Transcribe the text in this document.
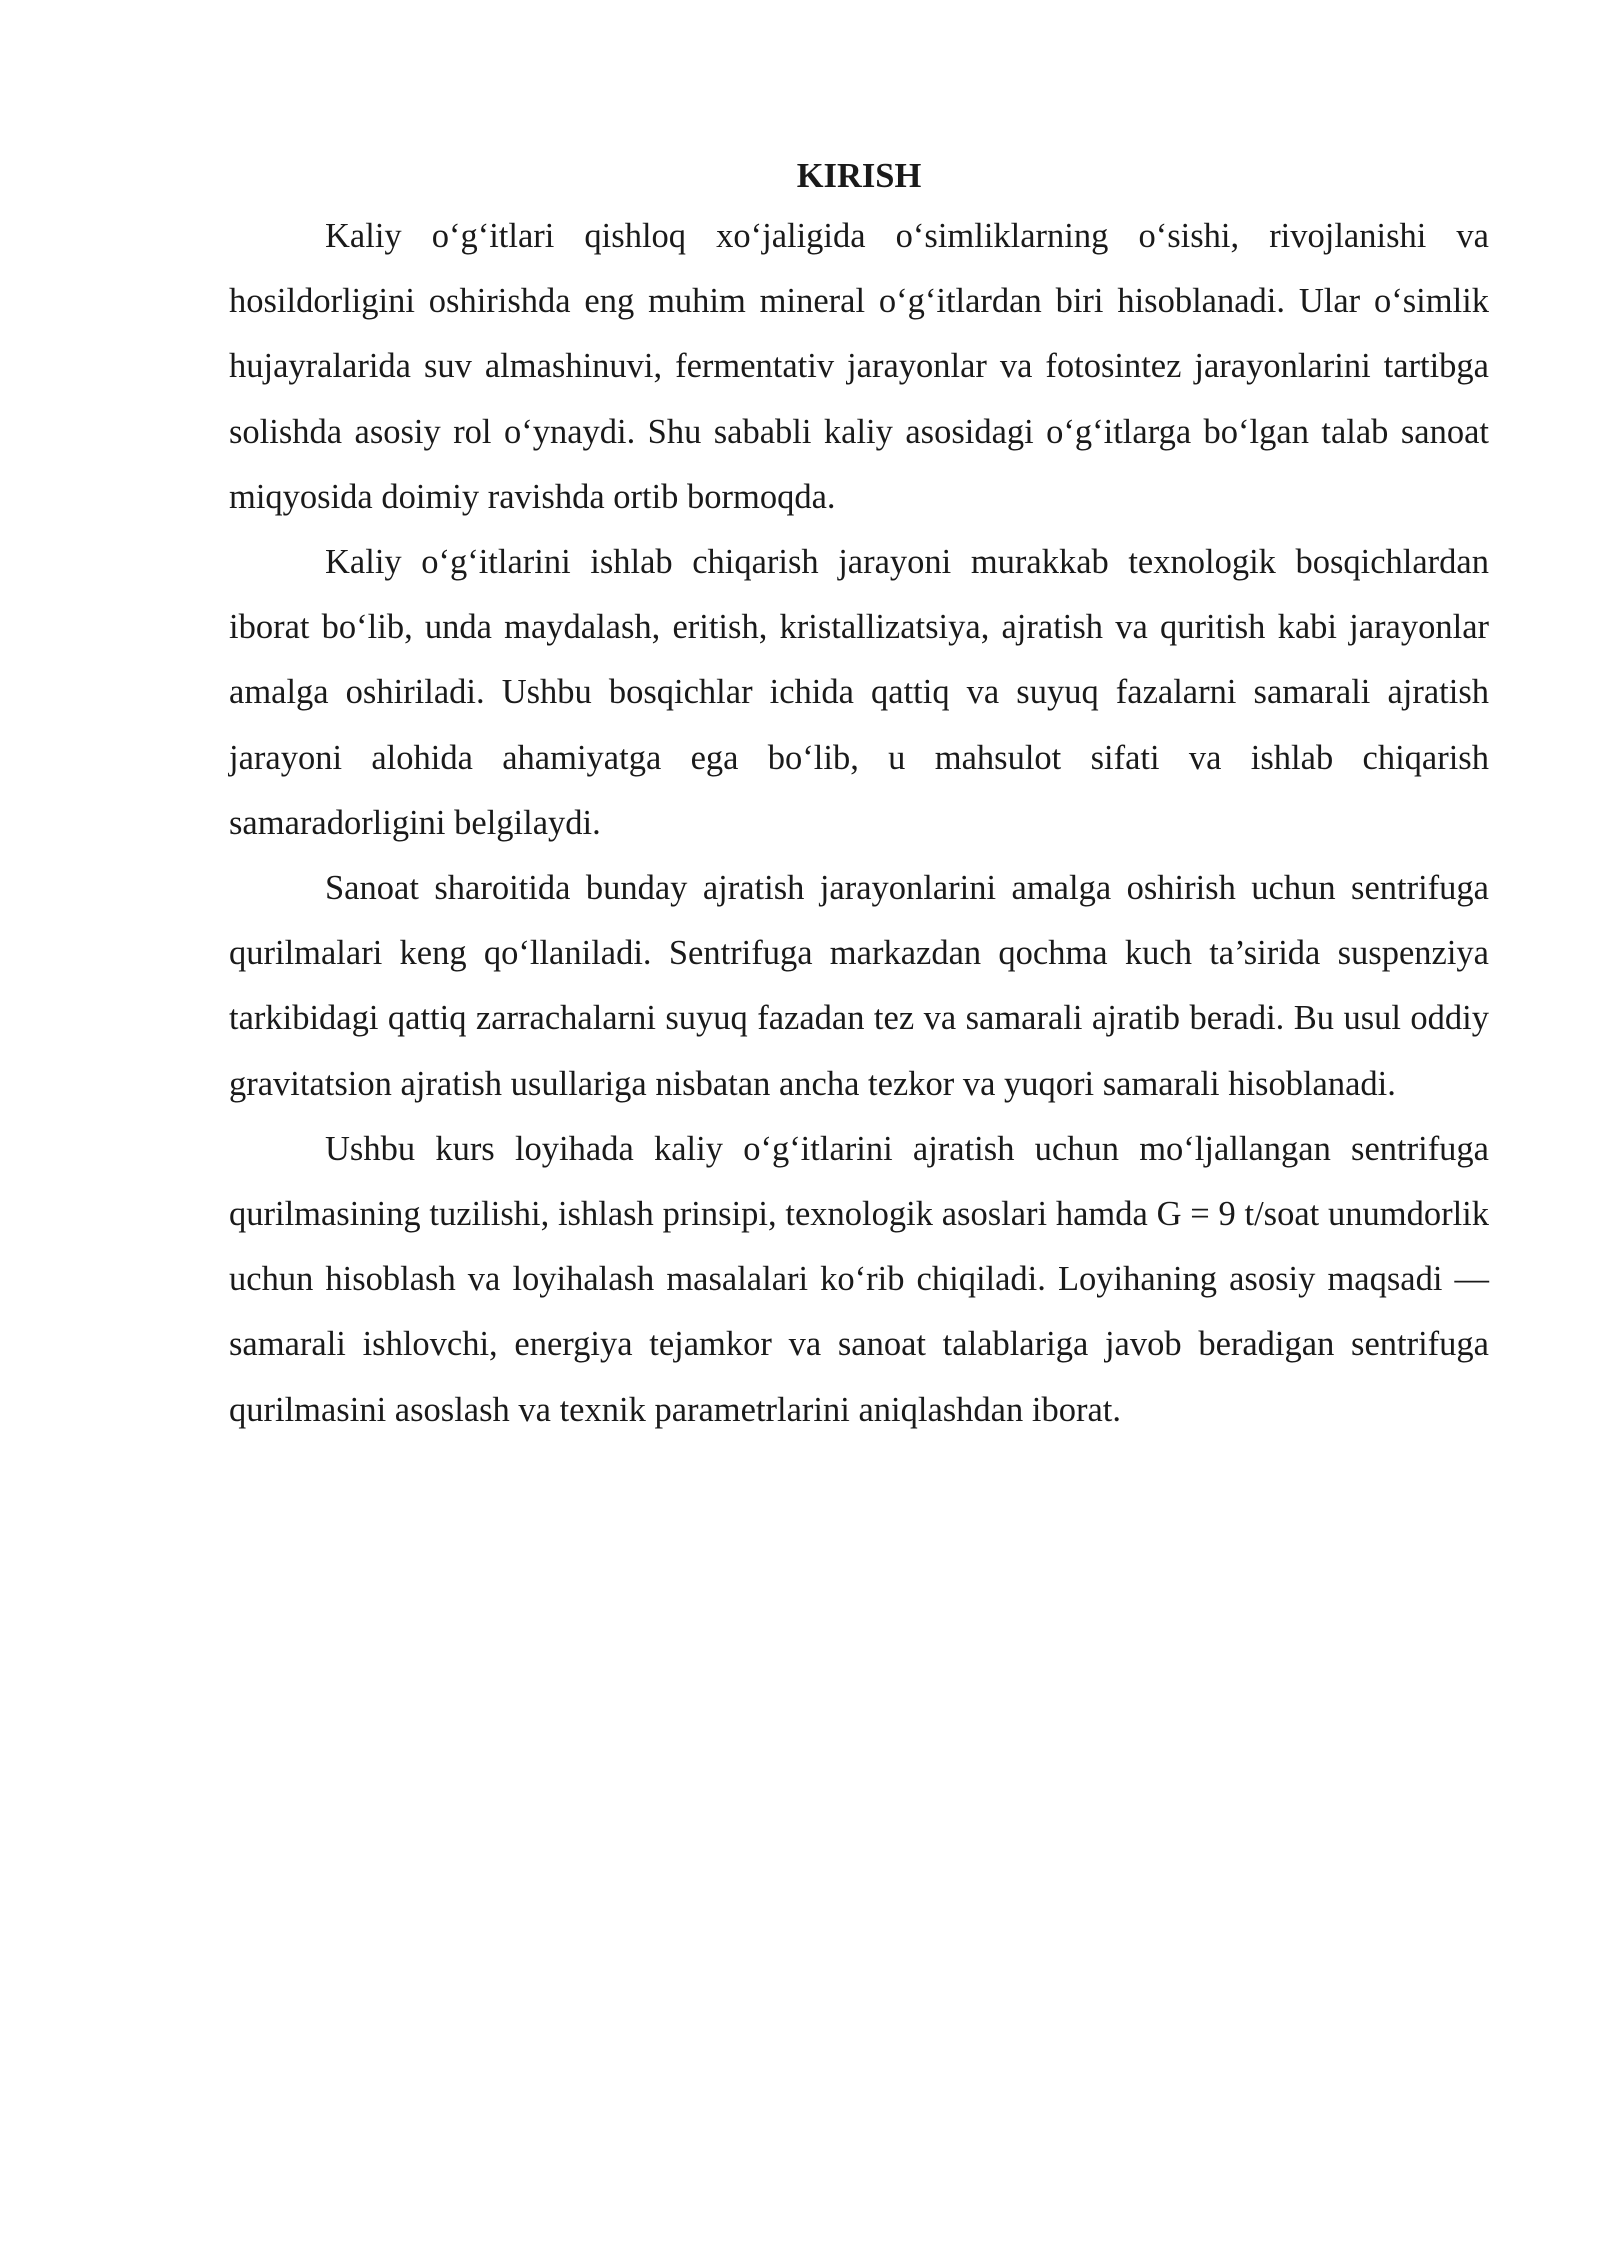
KIRISH

Kaliy o‘g‘itlari qishloq xo‘jaligida o‘simliklarning o‘sishi, rivojlanishi va hosildorligini oshirishda eng muhim mineral o‘g‘itlardan biri hisoblanadi. Ular o‘simlik hujayralarida suv almashinuvi, fermentativ jarayonlar va fotosintez jarayonlarini tartibga solishda asosiy rol o‘ynaydi. Shu sababli kaliy asosidagi o‘g‘itlarga bo‘lgan talab sanoat miqyosida doimiy ravishda ortib bormoqda.

Kaliy o‘g‘itlarini ishlab chiqarish jarayoni murakkab texnologik bosqichlardan iborat bo‘lib, unda maydalash, eritish, kristallizatsiya, ajratish va quritish kabi jarayonlar amalga oshiriladi. Ushbu bosqichlar ichida qattiq va suyuq fazalarni samarali ajratish jarayoni alohida ahamiyatga ega bo‘lib, u mahsulot sifati va ishlab chiqarish samaradorligini belgilaydi.

Sanoat sharoitida bunday ajratish jarayonlarini amalga oshirish uchun sentrifuga qurilmalari keng qo‘llaniladi. Sentrifuga markazdan qochma kuch ta’sirida suspenziya tarkibidagi qattiq zarrachalarni suyuq fazadan tez va samarali ajratib beradi. Bu usul oddiy gravitatsion ajratish usullariga nisbatan ancha tezkor va yuqori samarali hisoblanadi.

Ushbu kurs loyihada kaliy o‘g‘itlarini ajratish uchun mo‘ljallangan sentrifuga qurilmasining tuzilishi, ishlash prinsipi, texnologik asoslari hamda G = 9 t/soat unumdorlik uchun hisoblash va loyihalash masalalari ko‘rib chiqiladi. Loyihaning asosiy maqsadi — samarali ishlovchi, energiya tejamkor va sanoat talablariga javob beradigan sentrifuga qurilmasini asoslash va texnik parametrlarini aniqlashdan iborat.
